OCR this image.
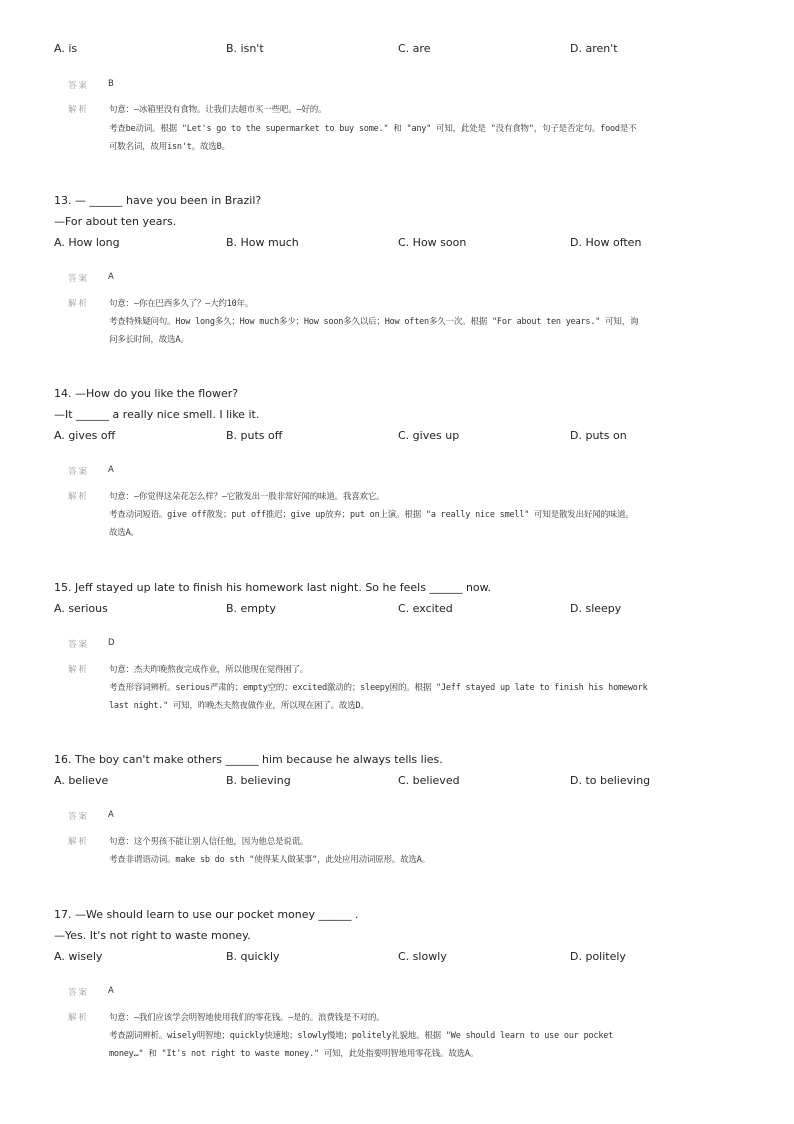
A. is	B. isn't	C. are	D. aren't
答案 B
解析 句意：—冰箱里没有食物。让我们去超市买一些吧。—好的。
考查be动词。根据 "Let's go to the supermarket to buy some." 和 "any" 可知，此处是 "没有食物"，句子是否定句。food是不
可数名词，故用isn't。故选B。
13. — ______ have you been in Brazil?
—For about ten years.
A. How long	B. How much	C. How soon	D. How often
答案 A
解析 句意：—你在巴西多久了？—大约10年。
考查特殊疑问句。How long多久；How much多少；How soon多久以后；How often多久一次。根据 "For about ten years." 可知，询
问多长时间，故选A。
14. —How do you like the flower?
—It ______ a really nice smell. I like it.
A. gives off	B. puts off	C. gives up	D. puts on
答案 A
解析 句意：—你觉得这朵花怎么样？—它散发出一股非常好闻的味道。我喜欢它。
考查动词短语。give off散发；put off推迟；give up放弃；put on上演。根据 "a really nice smell" 可知是散发出好闻的味道。
故选A。
15. Jeff stayed up late to finish his homework last night. So he feels ______ now.
A. serious	B. empty	C. excited	D. sleepy
答案 D
解析 句意：杰夫昨晚熬夜完成作业，所以他现在觉得困了。
考查形容词辨析。serious严肃的；empty空的；excited激动的；sleepy困的。根据 "Jeff stayed up late to finish his homework
last night." 可知，昨晚杰夫熬夜做作业，所以现在困了。故选D。
16. The boy can't make others ______ him because he always tells lies.
A. believe	B. believing	C. believed	D. to believing
答案 A
解析 句意：这个男孩不能让别人信任他，因为他总是说谎。
考查非谓语动词。make sb do sth "使得某人做某事"，此处应用动词原形。故选A。
17. —We should learn to use our pocket money ______ .
—Yes. It's not right to waste money.
A. wisely	B. quickly	C. slowly	D. politely
答案 A
解析 句意：—我们应该学会明智地使用我们的零花钱。—是的。浪费钱是不对的。
考查副词辨析。wisely明智地；quickly快速地；slowly慢地；politely礼貌地。根据 "We should learn to use our pocket
money…" 和 "It's not right to waste money." 可知，此处指要明智地用零花钱。故选A。
